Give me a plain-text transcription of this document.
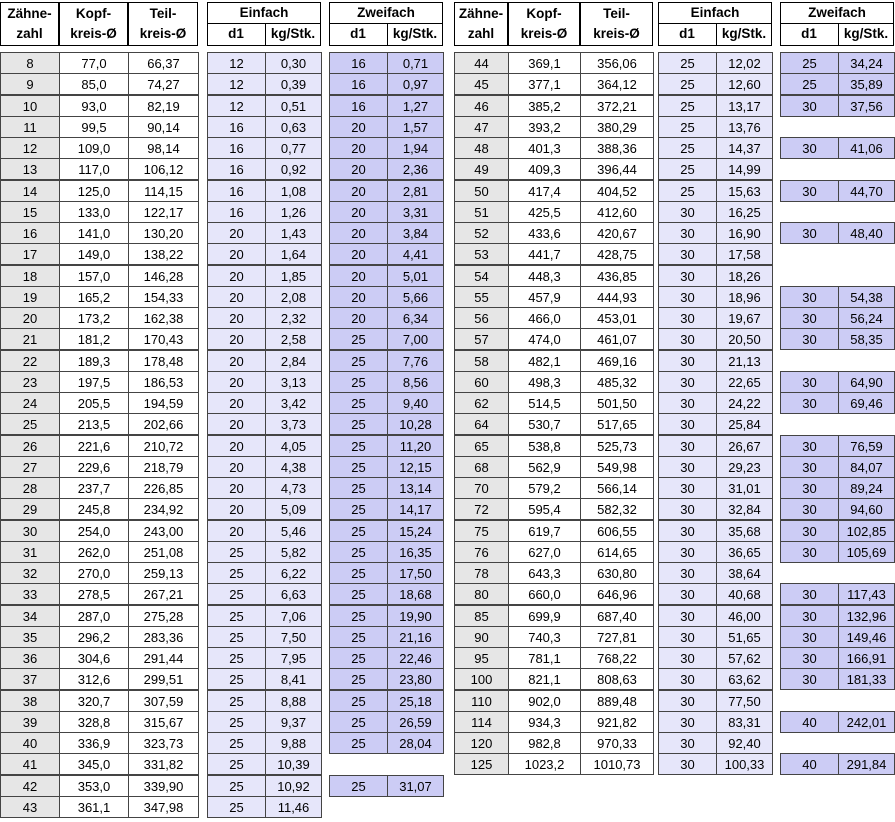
Zähne-
zahl
Kopf-
kreis-Ø
Teil-
kreis-Ø
Einfach
d1	kg/Stk.
Zweifach
d1	kg/Stk.
8	77,0	66,37	12	0,30	16	0,71
9	85,0	74,27	12	0,39	16	0,97
10	93,0	82,19	12	0,51	16	1,27
11	99,5	90,14	16	0,63	20	1,57
12	109,0	98,14	16	0,77	20	1,94
13	117,0	106,12	16	0,92	20	2,36
14	125,0	114,15	16	1,08	20	2,81
15	133,0	122,17	16	1,26	20	3,31
16	141,0	130,20	20	1,43	20	3,84
17	149,0	138,22	20	1,64	20	4,41
18	157,0	146,28	20	1,85	20	5,01
19	165,2	154,33	20	2,08	20	5,66
20	173,2	162,38	20	2,32	20	6,34
21	181,2	170,43	20	2,58	25	7,00
22	189,3	178,48	20	2,84	25	7,76
23	197,5	186,53	20	3,13	25	8,56
24	205,5	194,59	20	3,42	25	9,40
25	213,5	202,66	20	3,73	25	10,28
26	221,6	210,72	20	4,05	25	11,20
27	229,6	218,79	20	4,38	25	12,15
28	237,7	226,85	20	4,73	25	13,14
29	245,8	234,92	20	5,09	25	14,17
30	254,0	243,00	20	5,46	25	15,24
31	262,0	251,08	25	5,82	25	16,35
32	270,0	259,13	25	6,22	25	17,50
33	278,5	267,21	25	6,63	25	18,68
34	287,0	275,28	25	7,06	25	19,90
35	296,2	283,36	25	7,50	25	21,16
36	304,6	291,44	25	7,95	25	22,46
37	312,6	299,51	25	8,41	25	23,80
38	320,7	307,59	25	8,88	25	25,18
39	328,8	315,67	25	9,37	25	26,59
40	336,9	323,73	25	9,88	25	28,04
41	345,0	331,82	25	10,39
42	353,0	339,90	25	10,92	25	31,07
43	361,1	347,98	25	11,46
Zähne-
zahl
Kopf-
kreis-Ø
Teil-
kreis-Ø
Einfach
d1	kg/Stk.
Zweifach
d1	kg/Stk.
44	369,1	356,06	25	12,02	25	34,24
45	377,1	364,12	25	12,60	25	35,89
46	385,2	372,21	25	13,17	30	37,56
47	393,2	380,29	25	13,76
48	401,3	388,36	25	14,37	30	41,06
49	409,3	396,44	25	14,99
50	417,4	404,52	25	15,63	30	44,70
51	425,5	412,60	30	16,25
52	433,6	420,67	30	16,90	30	48,40
53	441,7	428,75	30	17,58
54	448,3	436,85	30	18,26
55	457,9	444,93	30	18,96	30	54,38
56	466,0	453,01	30	19,67	30	56,24
57	474,0	461,07	30	20,50	30	58,35
58	482,1	469,16	30	21,13
60	498,3	485,32	30	22,65	30	64,90
62	514,5	501,50	30	24,22	30	69,46
64	530,7	517,65	30	25,84
65	538,8	525,73	30	26,67	30	76,59
68	562,9	549,98	30	29,23	30	84,07
70	579,2	566,14	30	31,01	30	89,24
72	595,4	582,32	30	32,84	30	94,60
75	619,7	606,55	30	35,68	30	102,85
76	627,0	614,65	30	36,65	30	105,69
78	643,3	630,80	30	38,64
80	660,0	646,96	30	40,68	30	117,43
85	699,9	687,40	30	46,00	30	132,96
90	740,3	727,81	30	51,65	30	149,46
95	781,1	768,22	30	57,62	30	166,91
100	821,1	808,63	30	63,62	30	181,33
110	902,0	889,48	30	77,50
114	934,3	921,82	30	83,31	40	242,01
120	982,8	970,33	30	92,40
125	1023,2	1010,73	30	100,33	40	291,84
